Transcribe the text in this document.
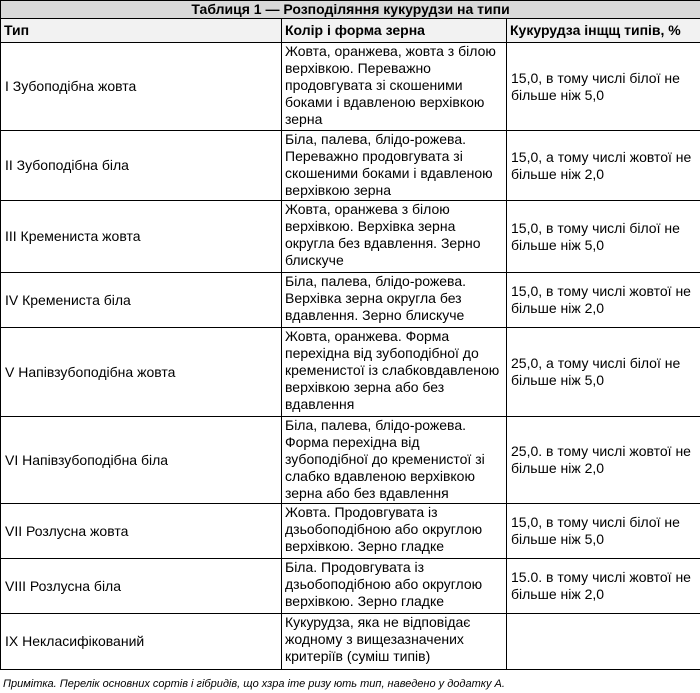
Таблиця 1 — Розподіляння кукурудзи на типи		
Тип	Колір і форма зерна	Кукурудза інщщ типів, %
І Зубоподібна жовта	Жовта, оранжева, жовта з білою верхівкою. Переважно продовгувата зі скошеними боками і вдавленою верхівкою зерна	15,0, в тому числі білої не більше ніж 5,0
II Зубоподібна біла	Біла, палева, блідо-рожева. Переважно продовгувата зі скошеними боками і вдавленою верхівкою зерна	15,0, а тому числі жовтої не більше ніж 2,0
III Кремениста жовта	Жовта, оранжева з білою верхівкою. Верхівка зерна округла без вдавлення. Зерно блискуче	15,0, в тому числі білої не більше ніж 5,0
IV Кремениста біла	Біла, палева, блідо-рожева. Верхівка зерна округла без вдавлення. Зерно блискуче	15,0, в тому числі жовтої не більше ніж 2,0
V Напівзубоподібна жовта	Жовта, оранжева. Форма перехідна від зубоподібної до кременистої із слабковдавленою верхівкою зерна або без вдавлення	25,0, а тому числі білої не більше ніж 5,0
VI Напівзубоподібна біла	Біла, палева, блідо-рожева. Форма перехідна від зубоподібної до кременистої зі слабко вдавленою верхівкою зерна або без вдавлення	25,0. в тому числі жовтої не більше ніж 2,0
VII Розлусна жовта	Жовта. Продовгувата із дзьобоподібною або округлою верхівкою. Зерно гладке	15,0, в тому числі білої не більше ніж 5,0
VIII Розлусна біла	Біла. Продовгувата із дзьобоподібною або округлою верхівкою. Зерно гладке	15.0. в тому числі жовтої не більше ніж 2,0
IX Некласифікований	Кукурудза, яка не відповідає жодному з вищезазначених критеріїв (суміш типів)	
Примітка. Перелік основних сортів і гібридів, що хзра іте ризу ють тип, наведено у додатку А.
